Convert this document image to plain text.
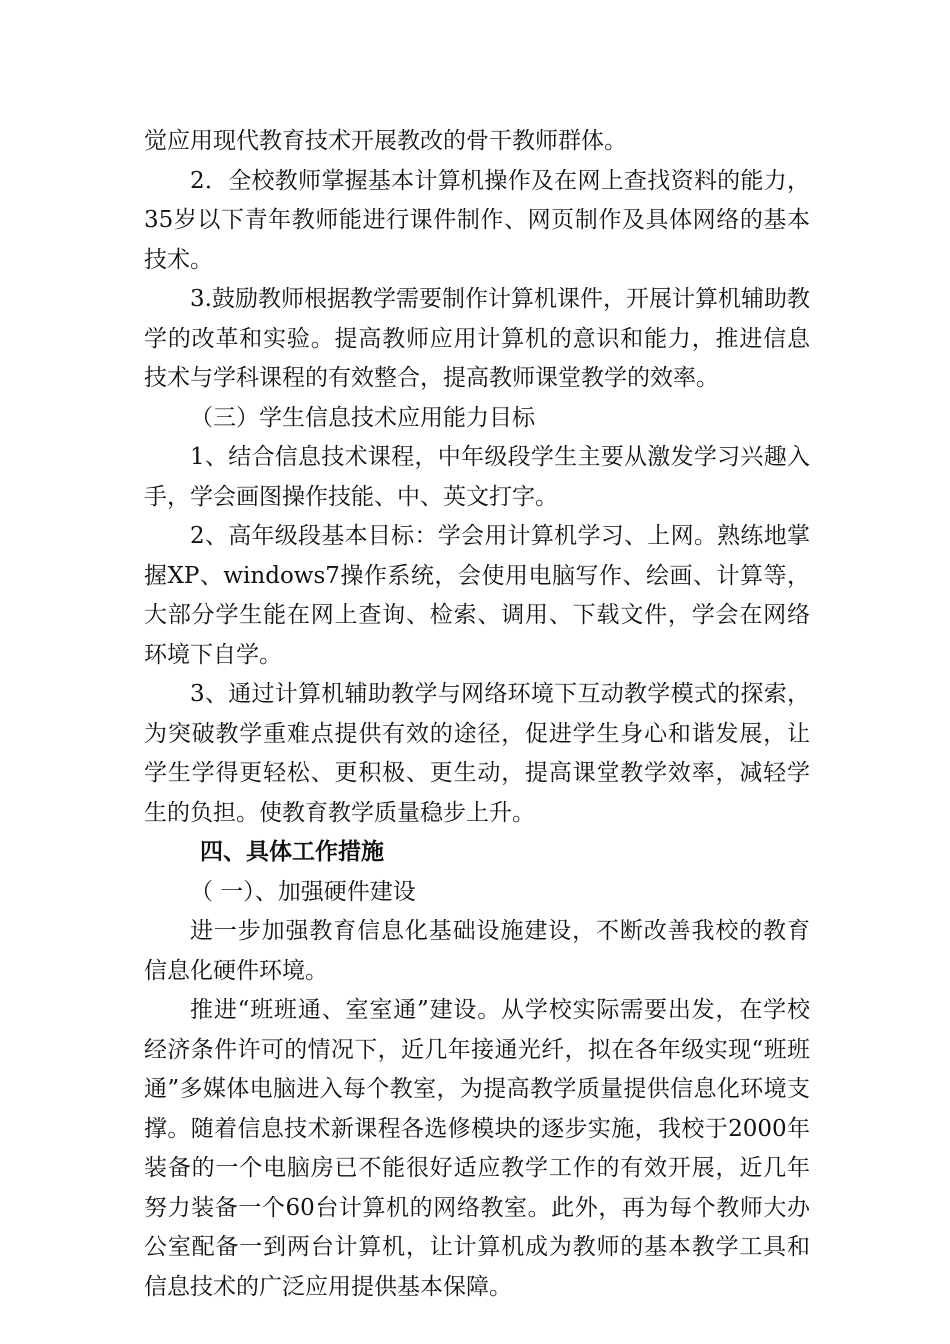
觉应用现代教育技术开展教改的骨干教师群体。

2．全校教师掌握基本计算机操作及在网上查找资料的能力，35岁以下青年教师能进行课件制作、网页制作及具体网络的基本技术。

3.鼓励教师根据教学需要制作计算机课件，开展计算机辅助教学的改革和实验。提高教师应用计算机的意识和能力，推进信息技术与学科课程的有效整合，提高教师课堂教学的效率。

（三）学生信息技术应用能力目标

1、结合信息技术课程，中年级段学生主要从激发学习兴趣入手，学会画图操作技能、中、英文打字。

2、高年级段基本目标：学会用计算机学习、上网。熟练地掌握XP、windows7操作系统，会使用电脑写作、绘画、计算等，大部分学生能在网上查询、检索、调用、下载文件，学会在网络环境下自学。

3、通过计算机辅助教学与网络环境下互动教学模式的探索，为突破教学重难点提供有效的途径，促进学生身心和谐发展，让学生学得更轻松、更积极、更生动，提高课堂教学效率，减轻学生的负担。使教育教学质量稳步上升。

四、具体工作措施

（ 一）、加强硬件建设

进一步加强教育信息化基础设施建设，不断改善我校的教育信息化硬件环境。

推进“班班通、室室通”建设。从学校实际需要出发，在学校经济条件许可的情况下，近几年接通光纤，拟在各年级实现“班班通”多媒体电脑进入每个教室，为提高教学质量提供信息化环境支撑。随着信息技术新课程各选修模块的逐步实施，我校于2000年装备的一个电脑房已不能很好适应教学工作的有效开展，近几年努力装备一个60台计算机的网络教室。此外，再为每个教师大办公室配备一到两台计算机，让计算机成为教师的基本教学工具和信息技术的广泛应用提供基本保障。
